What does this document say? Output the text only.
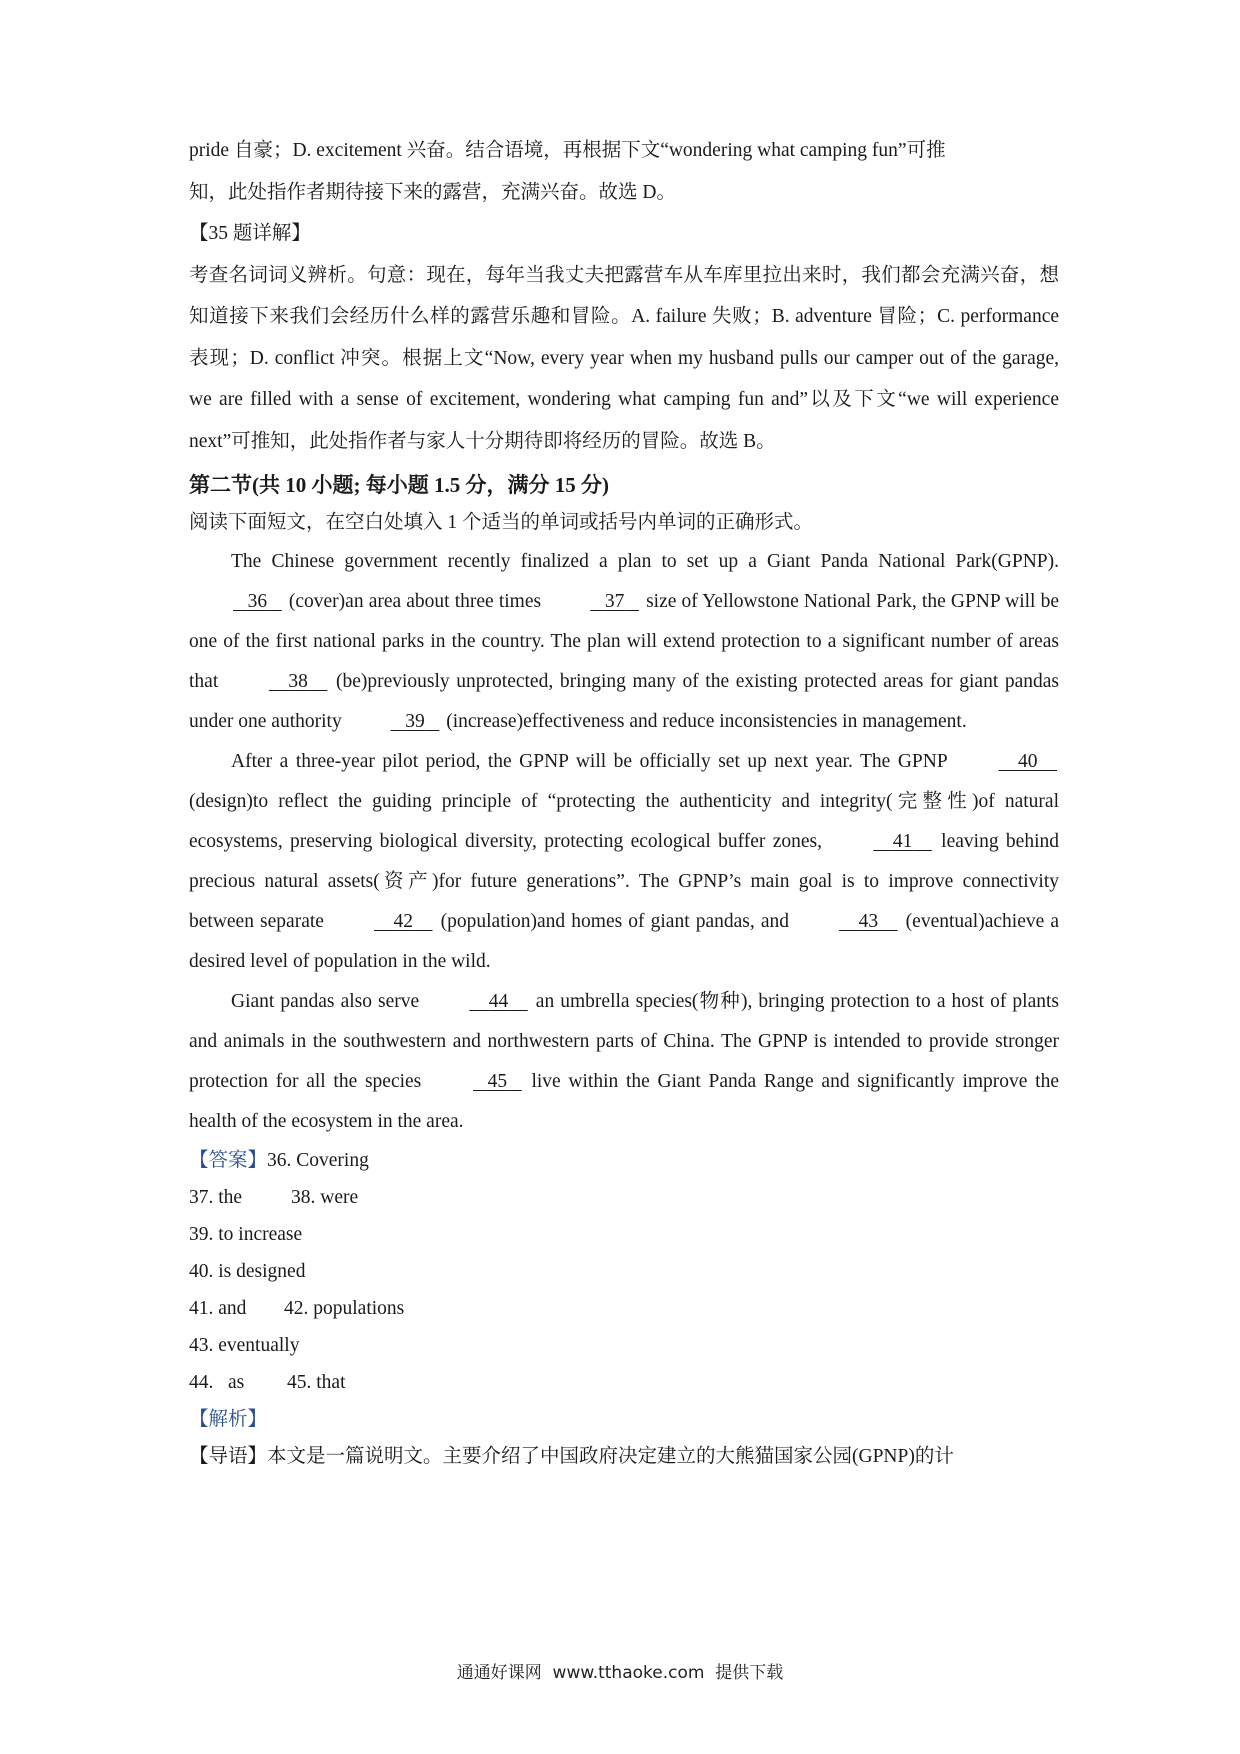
pride 自豪；D. excitement 兴奋。结合语境，再根据下文“wondering what camping fun”可推

知，此处指作者期待接下来的露营，充满兴奋。故选 D。

【35 题详解】

考查名词词义辨析。句意：现在，每年当我丈夫把露营车从车库里拉出来时，我们都会充满兴奋，想知道接下来我们会经历什么样的露营乐趣和冒险。A. failure 失败；B. adventure 冒险；C. performance 表现；D. conflict 冲突。根据上文“Now, every year when my husband pulls our camper out of the garage, we are filled with a sense of excitement, wondering what camping fun and”以及下文“we will experience next”可推知，此处指作者与家人十分期待即将经历的冒险。故选 B。

第二节(共 10 小题; 每小题 1.5 分，满分 15 分)

阅读下面短文，在空白处填入 1 个适当的单词或括号内单词的正确形式。

The Chinese government recently finalized a plan to set up a Giant Panda National Park(GPNP).    36    (cover)an area about three times	37    size of Yellowstone National Park, the GPNP will be one of the first national parks in the country. The plan will extend protection to a significant number of areas that	38     (be)previously unprotected, bringing many of the existing protected areas for giant pandas under one authority	39    (increase)effectiveness and reduce inconsistencies in management.

After a three-year pilot period, the GPNP will be officially set up next year. The GPNP	40     (design)to reflect the guiding principle of “protecting the authenticity and integrity(完整性)of natural ecosystems, preserving biological diversity, protecting ecological buffer zones,	41     leaving behind precious natural assets(资产)for future generations”. The GPNP’s main goal is to improve connectivity between separate	42     (population)and homes of giant pandas, and	43     (eventual)achieve a desired level of population in the wild.

Giant pandas also serve	44     an umbrella species(物种), bringing protection to a host of plants and animals in the southwestern and northwestern parts of China. The GPNP is intended to provide stronger protection for all the species	45    live within the Giant Panda Range and significantly improve the health of the ecosystem in the area.

【答案】36. Covering

37. the	38. were

39. to increase

40. is designed

41. and 42. populations

43. eventually

44.   as 45. that

【解析】

【导语】本文是一篇说明文。主要介绍了中国政府决定建立的大熊猫国家公园(GPNP)的计

通通好课网  www.tthaoke.com  提供下载
